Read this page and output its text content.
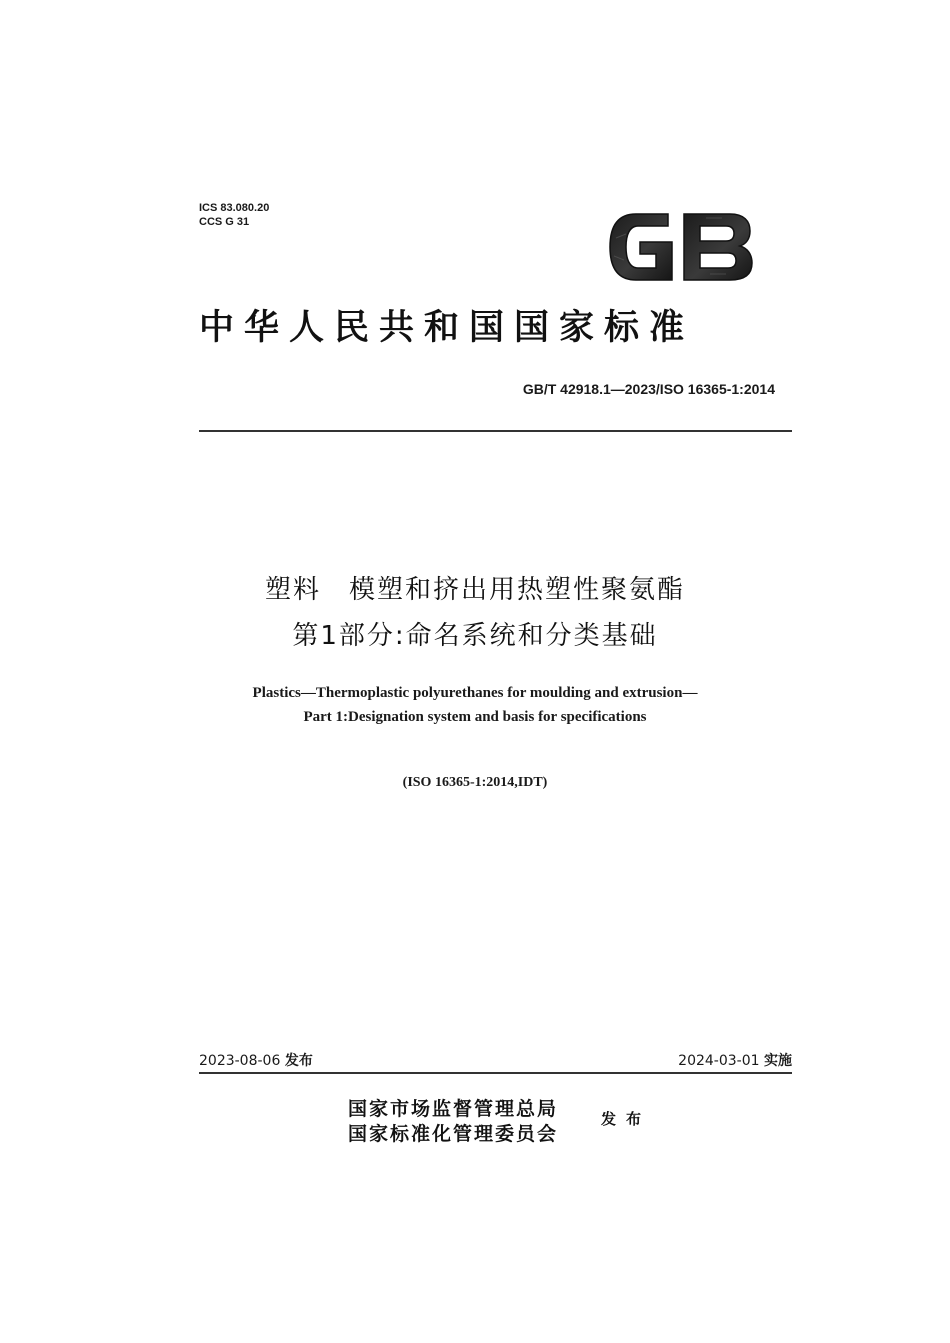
ICS 83.080.20
CCS G 31
中华人民共和国国家标准
GB/T 42918.1—2023/ISO 16365-1:2014
塑料　模塑和挤出用热塑性聚氨酯
第1部分:命名系统和分类基础
Plastics—Thermoplastic polyurethanes for moulding and extrusion—
Part 1:Designation system and basis for specifications
(ISO 16365-1:2014,IDT)
2023-08-06 发布	2024-03-01 实施
国家市场监督管理总局
国家标准化管理委员会
发布
